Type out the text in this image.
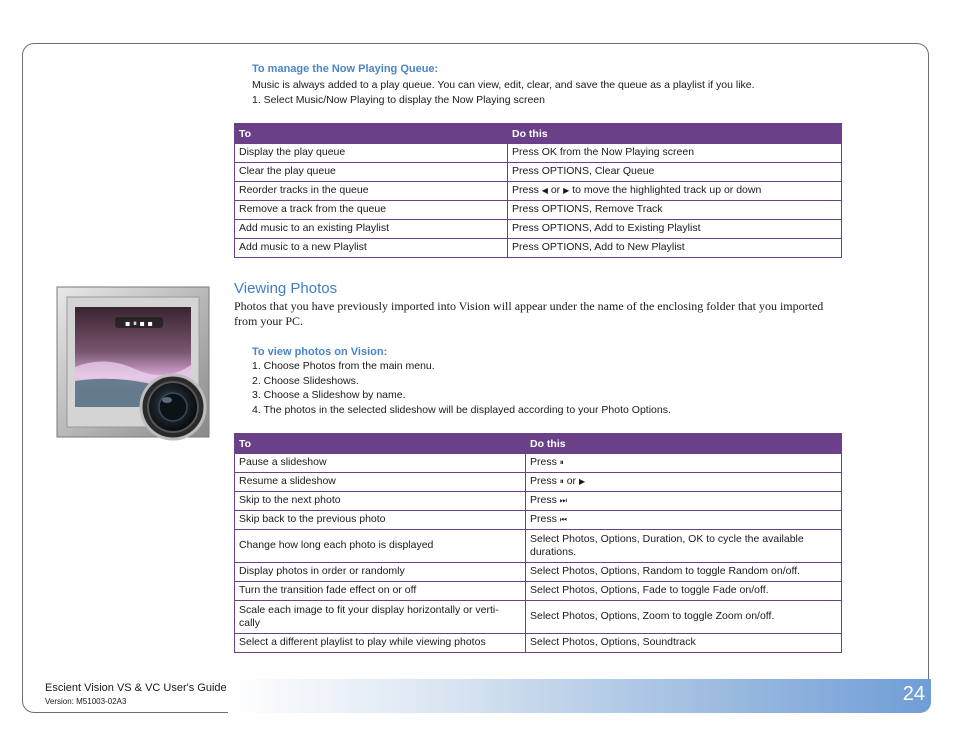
To manage the Now Playing Queue:
Music is always added to a play queue. You can view, edit, clear, and save the queue as a playlist if you like.
1. Select Music/Now Playing to display the Now Playing screen
To	Do this
Display the play queue	Press OK from the Now Playing screen
Clear the play queue	Press OPTIONS, Clear Queue
Reorder tracks in the queue	Press ◀ or ▶ to move the highlighted track up or down
Remove a track from the queue	Press OPTIONS, Remove Track
Add music to an existing Playlist	Press OPTIONS, Add to Existing Playlist
Add music to a new Playlist	Press OPTIONS, Add to New Playlist
▪ ⏸ ▪ ▪
Viewing Photos
Photos that you have previously imported into Vision will appear under the name of the enclosing folder that you imported
from your PC.
To view photos on Vision:
1. Choose Photos from the main menu.
2. Choose Slideshows.
3. Choose a Slideshow by name.
4. The photos in the selected slideshow will be displayed according to your Photo Options.
To	Do this
Pause a slideshow	Press ⏸
Resume a slideshow	Press ⏸ or ▶
Skip to the next photo	Press ⏭
Skip back to the previous photo	Press ⏮
Change how long each photo is displayed	Select Photos, Options, Duration, OK to cycle the available
durations.

Display photos in order or randomly	Select Photos, Options, Random to toggle Random on/off.
Turn the transition fade effect on or off	Select Photos, Options, Fade to toggle Fade on/off.

Scale each image to fit your display horizontally or verti-
cally	Select Photos, Options, Zoom to toggle Zoom on/off.
Select a different playlist to play while viewing photos	Select Photos, Options, Soundtrack
Escient Vision VS & VC User's Guide
Version: M51003-02A3	24
